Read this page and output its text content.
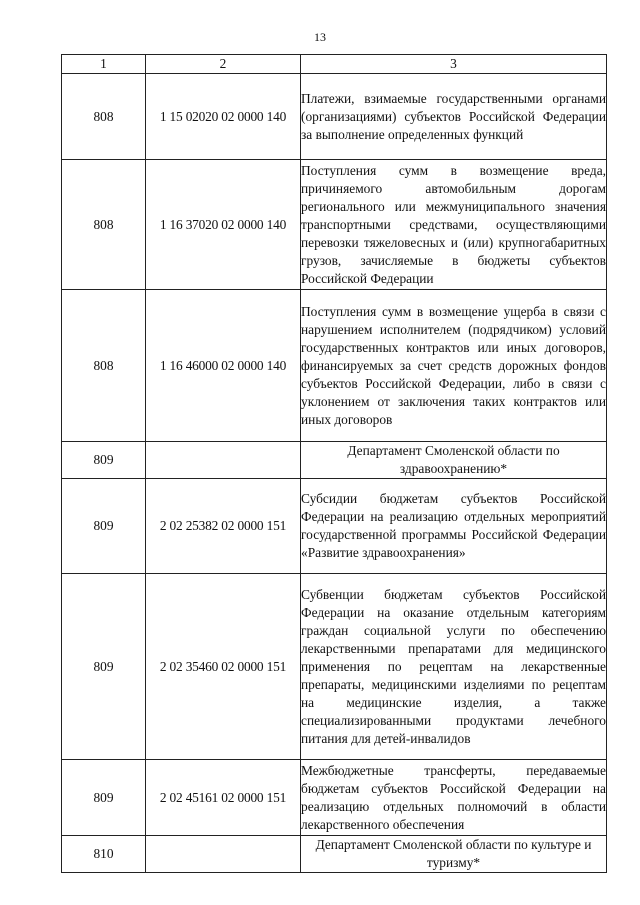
13
1	2	3
808	1 15 02020 02 0000 140	Платежи, взимаемые государственными органами (организациями) субъектов Российской Федерации за выполнение определенных функций
808	1 16 37020 02 0000 140	Поступления сумм в возмещение вреда, причиняемого автомобильным дорогам регионального или межмуниципального значения транспортными средствами, осуществляющими перевозки тяжеловесных и (или) крупногабаритных грузов, зачисляемые в бюджеты субъектов Российской Федерации
808	1 16 46000 02 0000 140	Поступления сумм в возмещение ущерба в связи с нарушением исполнителем (подрядчиком) условий государственных контрактов или иных договоров, финансируемых за счет средств дорожных фондов субъектов Российской Федерации, либо в связи с уклонением от заключения таких контрактов или иных договоров
809		Департамент Смоленской области по здравоохранению*
809	2 02 25382 02 0000 151	Субсидии бюджетам субъектов Российской Федерации на реализацию отдельных мероприятий государственной программы Российской Федерации «Развитие здравоохранения»
809	2 02 35460 02 0000 151	Субвенции бюджетам субъектов Российской Федерации на оказание отдельным категориям граждан социальной услуги по обеспечению лекарственными препаратами для медицинского применения по рецептам на лекарственные препараты, медицинскими изделиями по рецептам на медицинские изделия, а также специализированными продуктами лечебного питания для детей-инвалидов
809	2 02 45161 02 0000 151	Межбюджетные трансферты, передаваемые бюджетам субъектов Российской Федерации на реализацию отдельных полномочий в области лекарственного обеспечения
810		Департамент Смоленской области по культуре и туризму*
